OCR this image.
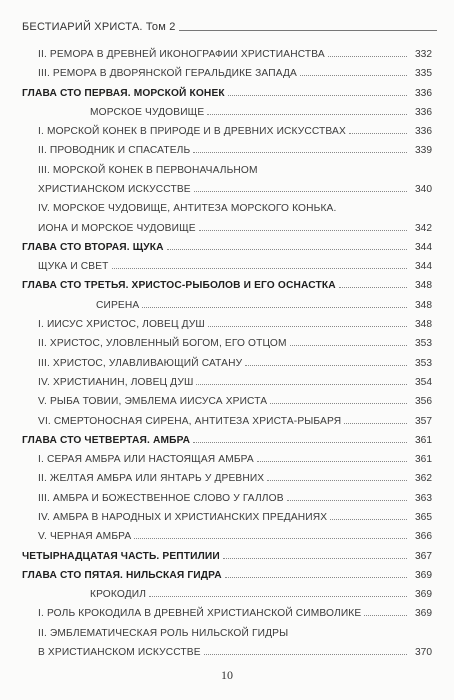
БЕСТИАРИЙ ХРИСТА. Том 2
II. РЕМОРА В ДРЕВНЕЙ ИКОНОГРАФИИ ХРИСТИАНСТВА	332
III. РЕМОРА В ДВОРЯНСКОЙ ГЕРАЛЬДИКЕ ЗАПАДА	335
ГЛАВА СТО ПЕРВАЯ. МОРСКОЙ КОНЕК	336
МОРСКОЕ ЧУДОВИЩЕ	336
I. МОРСКОЙ КОНЕК В ПРИРОДЕ И В ДРЕВНИХ ИСКУССТВАХ	336
II. ПРОВОДНИК И СПАСАТЕЛЬ	339
III. МОРСКОЙ КОНЕК В ПЕРВОНАЧАЛЬНОМ
ХРИСТИАНСКОМ ИСКУССТВЕ	340
IV. МОРСКОЕ ЧУДОВИЩЕ, АНТИТЕЗА МОРСКОГО КОНЬКА.
ИОНА И МОРСКОЕ ЧУДОВИЩЕ	342
ГЛАВА СТО ВТОРАЯ. ЩУКА	344
ЩУКА И СВЕТ	344
ГЛАВА СТО ТРЕТЬЯ. ХРИСТОС-РЫБОЛОВ И ЕГО ОСНАСТКА	348
СИРЕНА	348
I. ИИСУС ХРИСТОС, ЛОВЕЦ ДУШ	348
II. ХРИСТОС, УЛОВЛЕННЫЙ БОГОМ, ЕГО ОТЦОМ	353
III. ХРИСТОС, УЛАВЛИВАЮЩИЙ САТАНУ	353
IV. ХРИСТИАНИН, ЛОВЕЦ ДУШ	354
V. РЫБА ТОВИИ, ЭМБЛЕМА ИИСУСА ХРИСТА	356
VI. СМЕРТОНОСНАЯ СИРЕНА, АНТИТЕЗА ХРИСТА-РЫБАРЯ	357
ГЛАВА СТО ЧЕТВЕРТАЯ. АМБРА	361
I. СЕРАЯ АМБРА ИЛИ НАСТОЯЩАЯ АМБРА	361
II. ЖЕЛТАЯ АМБРА ИЛИ ЯНТАРЬ У ДРЕВНИХ	362
III. АМБРА И БОЖЕСТВЕННОЕ СЛОВО У ГАЛЛОВ	363
IV. АМБРА В НАРОДНЫХ И ХРИСТИАНСКИХ ПРЕДАНИЯХ	365
V. ЧЕРНАЯ АМБРА	366
ЧЕТЫРНАДЦАТАЯ ЧАСТЬ. РЕПТИЛИИ	367
ГЛАВА СТО ПЯТАЯ. НИЛЬСКАЯ ГИДРА	369
КРОКОДИЛ	369
I. РОЛЬ КРОКОДИЛА В ДРЕВНЕЙ ХРИСТИАНСКОЙ СИМВОЛИКЕ	369
II. ЭМБЛЕМАТИЧЕСКАЯ РОЛЬ НИЛЬСКОЙ ГИДРЫ
В ХРИСТИАНСКОМ ИСКУССТВЕ	370
10
